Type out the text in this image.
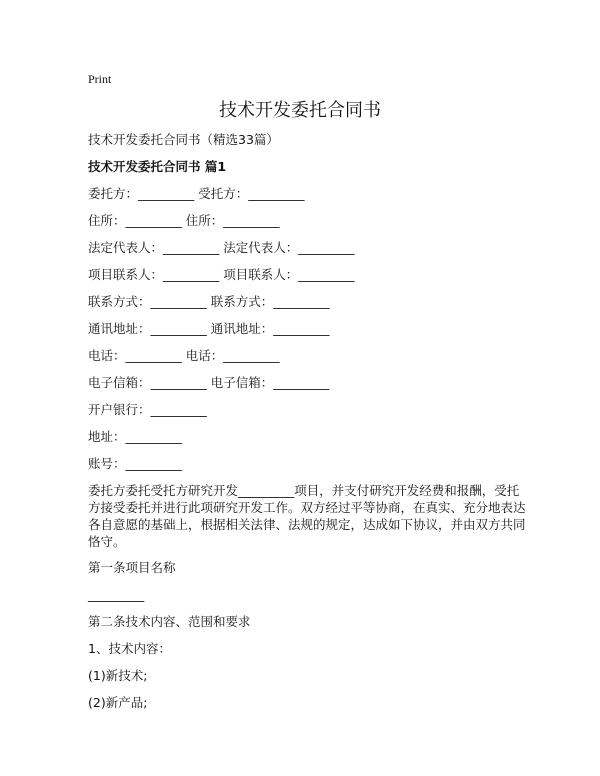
Print
技术开发委托合同书
技术开发委托合同书（精选33篇）
技术开发委托合同书 篇1
委托方：_________ 受托方：_________
住所：_________ 住所：_________
法定代表人：_________ 法定代表人：_________
项目联系人：_________ 项目联系人：_________
联系方式：_________ 联系方式：_________
通讯地址：_________ 通讯地址：_________
电话：_________ 电话：_________
电子信箱：_________ 电子信箱：_________
开户银行：_________
地址：_________
账号：_________
委托方委托受托方研究开发_________项目，并支付研究开发经费和报酬，受托方接受委托并进行此项研究开发工作。双方经过平等协商，在真实、充分地表达各自意愿的基础上，根据相关法律、法规的规定，达成如下协议，并由双方共同恪守。
第一条项目名称
_________
第二条技术内容、范围和要求
1、技术内容：
(1)新技术;
(2)新产品;
